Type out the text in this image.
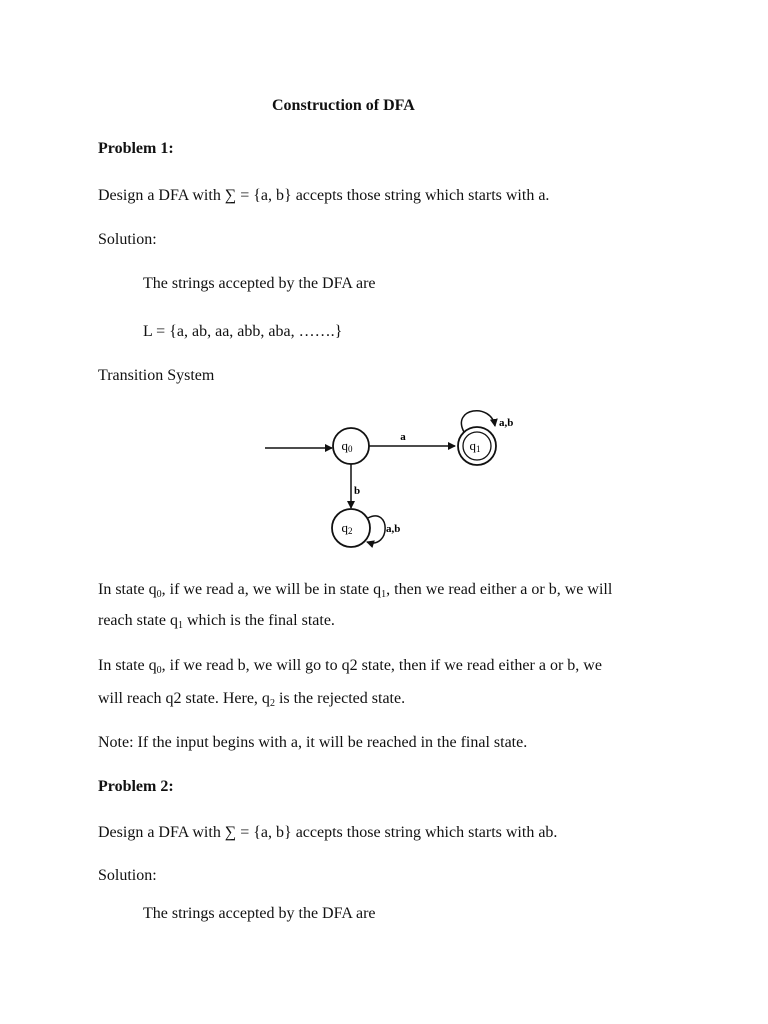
Construction of DFA
Problem 1:
Design a DFA with ∑ = {a, b} accepts those string which starts with a.
Solution:
The strings accepted by the DFA are
L = {a, ab, aa, abb, aba, …….}
Transition System
q0
a
q1
a,b
b
q2	a,b
In state $q_0$, if we read a, we will be in state $q_1$, then we read either a or b, we will
reach state $q_1$ which is the final state.
In state $q_0$, if we read b, we will go to q2 state, then if we read either a or b, we
will reach q2 state. Here, $q_2$ is the rejected state.
Note: If the input begins with a, it will be reached in the final state.
Problem 2:
Design a DFA with ∑ = {a, b} accepts those string which starts with ab.
Solution:
The strings accepted by the DFA are
